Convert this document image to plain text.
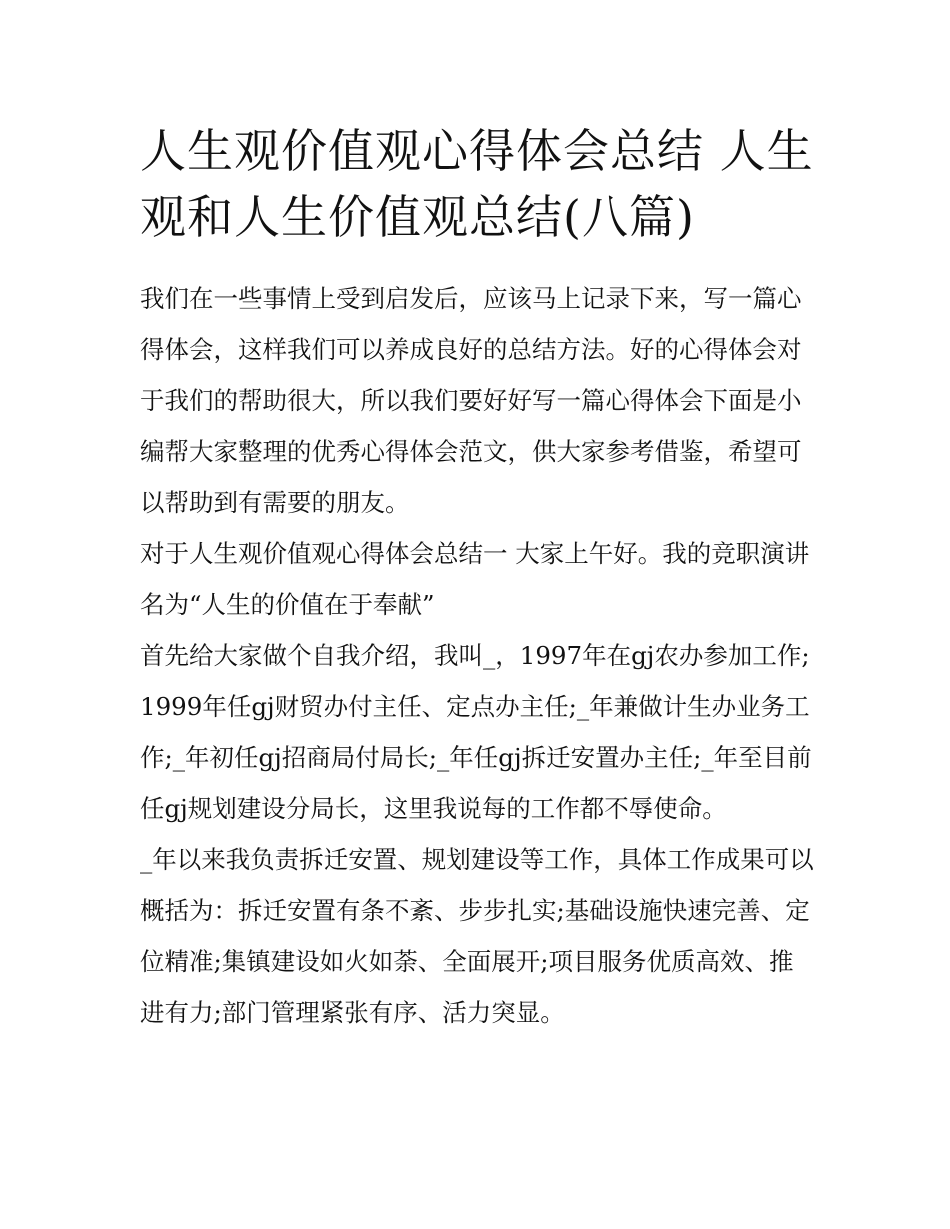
人生观价值观心得体会总结 人生观和人生价值观总结(八篇)

我们在一些事情上受到启发后，应该马上记录下来，写一篇心得体会，这样我们可以养成良好的总结方法。好的心得体会对于我们的帮助很大，所以我们要好好写一篇心得体会下面是小编帮大家整理的优秀心得体会范文，供大家参考借鉴，希望可以帮助到有需要的朋友。

对于人生观价值观心得体会总结一 大家上午好。我的竞职演讲名为“人生的价值在于奉献”

首先给大家做个自我介绍，我叫_，1997年在gj农办参加工作;1999年任gj财贸办付主任、定点办主任;_年兼做计生办业务工作;_年初任gj招商局付局长;_年任gj拆迁安置办主任;_年至目前任gj规划建设分局长，这里我说每的工作都不辱使命。

_年以来我负责拆迁安置、规划建设等工作，具体工作成果可以概括为：拆迁安置有条不紊、步步扎实;基础设施快速完善、定位精准;集镇建设如火如荼、全面展开;项目服务优质高效、推进有力;部门管理紧张有序、活力突显。
